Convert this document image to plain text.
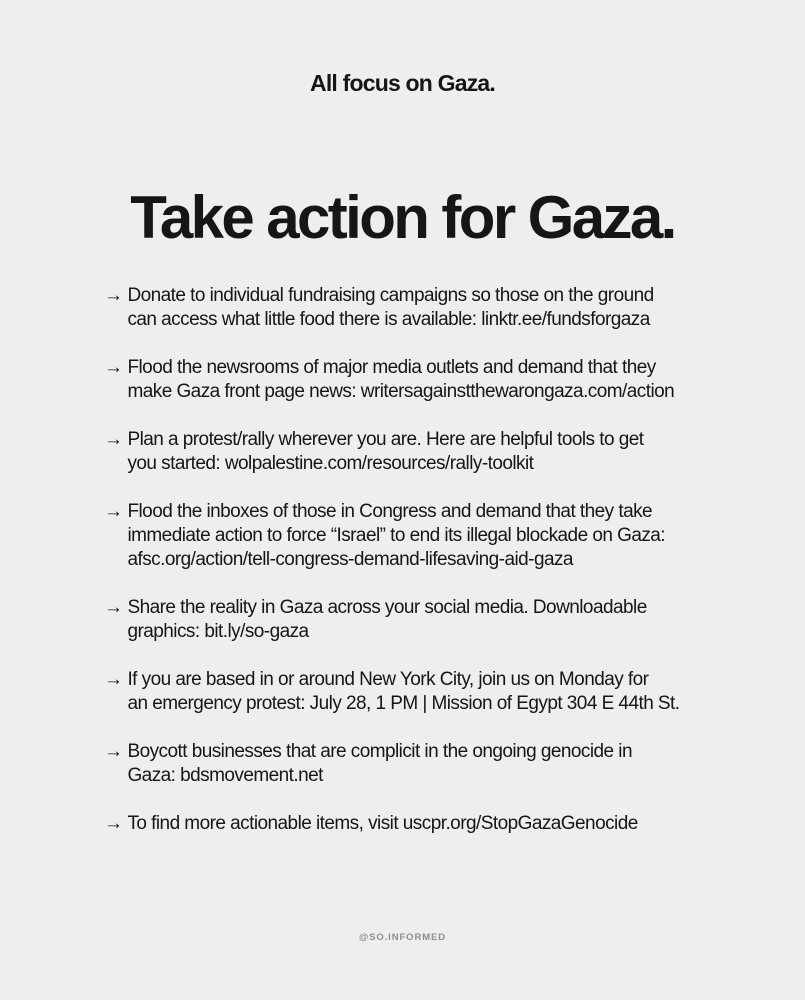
All focus on Gaza.
Take action for Gaza.
→ Donate to individual fundraising campaigns so those on the ground
can access what little food there is available: linktr.ee/fundsforgaza
→ Flood the newsrooms of major media outlets and demand that they
make Gaza front page news: writersagainstthewarongaza.com/action
→ Plan a protest/rally wherever you are. Here are helpful tools to get
you started: wolpalestine.com/resources/rally-toolkit
→ Flood the inboxes of those in Congress and demand that they take
immediate action to force “Israel” to end its illegal blockade on Gaza:
afsc.org/action/tell-congress-demand-lifesaving-aid-gaza
→ Share the reality in Gaza across your social media. Downloadable
graphics: bit.ly/so-gaza
→ If you are based in or around New York City, join us on Monday for
an emergency protest: July 28, 1 PM | Mission of Egypt 304 E 44th St.
→ Boycott businesses that are complicit in the ongoing genocide in
Gaza: bdsmovement.net
→ To find more actionable items, visit uscpr.org/StopGazaGenocide
@SO.INFORMED
